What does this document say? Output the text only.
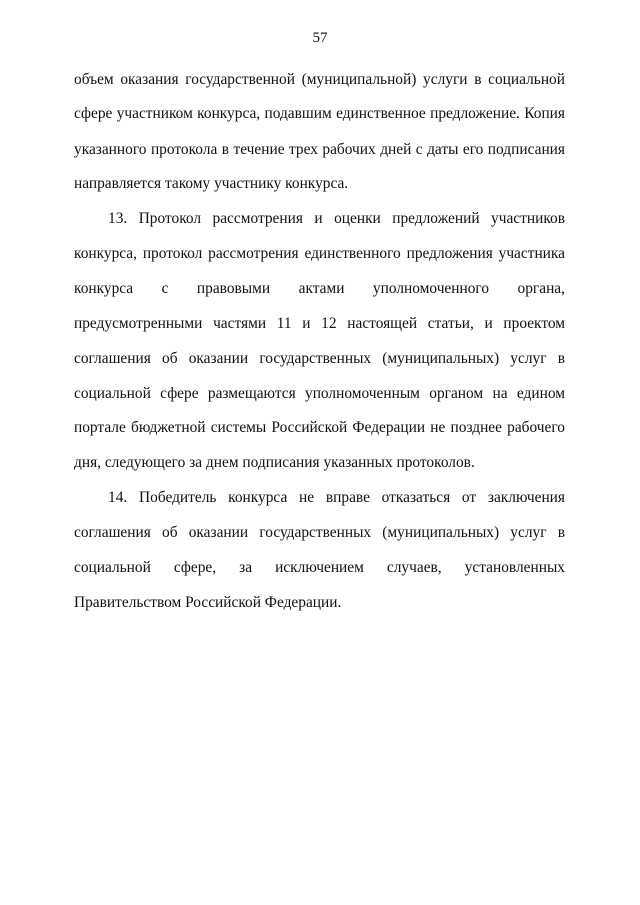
57
объем оказания государственной (муниципальной) услуги в социальной
сфере участником конкурса, подавшим единственное предложение. Копия
указанного протокола в течение трех рабочих дней с даты его подписания
направляется такому участнику конкурса.
13. Протокол рассмотрения и оценки предложений участников
конкурса, протокол рассмотрения единственного предложения участника
конкурса с правовыми актами уполномоченного органа,
предусмотренными частями 11 и 12 настоящей статьи, и проектом
соглашения об оказании государственных (муниципальных) услуг в
социальной сфере размещаются уполномоченным органом на едином
портале бюджетной системы Российской Федерации не позднее рабочего
дня, следующего за днем подписания указанных протоколов.
14. Победитель конкурса не вправе отказаться от заключения
соглашения об оказании государственных (муниципальных) услуг в
социальной сфере, за исключением случаев, установленных
Правительством Российской Федерации.
